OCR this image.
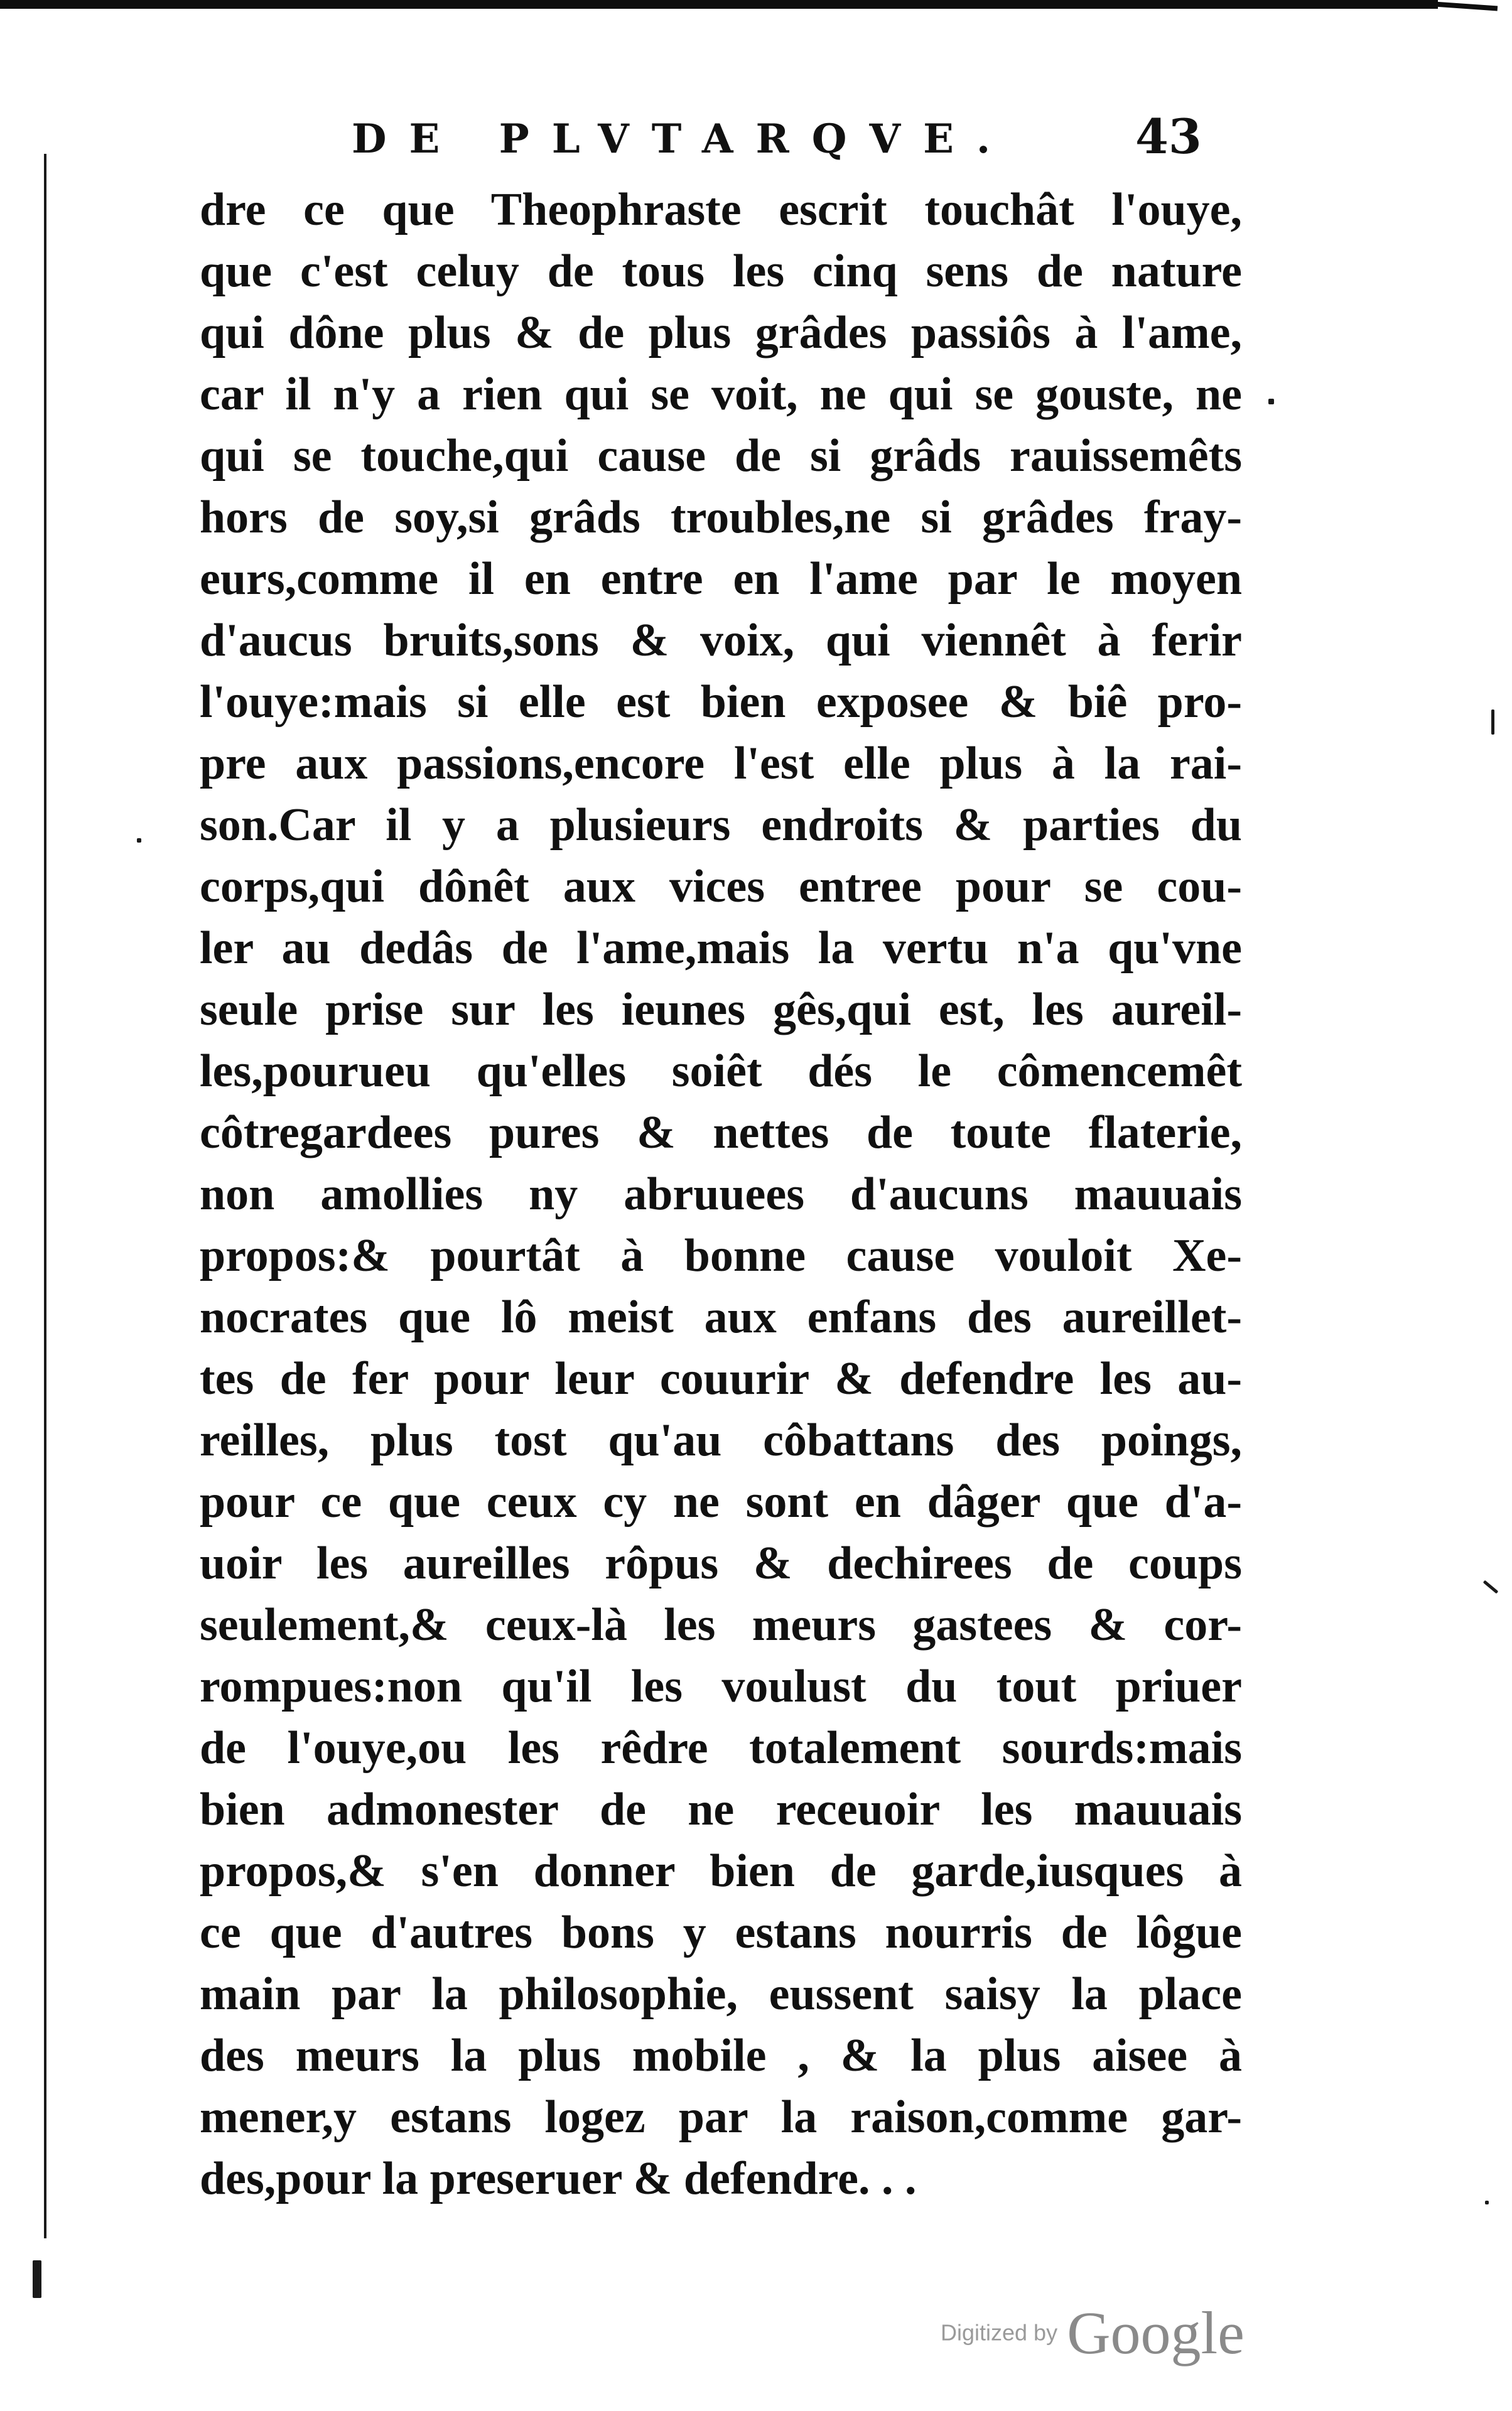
DE PLVTARQVE.	43
dre ce que Theophraste escrit touchât l'ouye,
que c'est celuy de tous les cinq sens de nature
qui dône plus & de plus grâdes passiôs à l'ame,
car il n'y a rien qui se voit, ne qui se gouste, ne
qui se touche,qui cause de si grâds rauissemêts
hors de soy,si grâds troubles,ne si grâdes fray-
eurs,comme il en entre en l'ame par le moyen
d'aucus bruits,sons & voix, qui viennêt à ferir
l'ouye:mais si elle est bien exposee & biê pro-
pre aux passions,encore l'est elle plus à la rai-
son.Car il y a plusieurs endroits & parties du
corps,qui dônêt aux vices entree pour se cou-
ler au dedâs de l'ame,mais la vertu n'a qu'vne
seule prise sur les ieunes gês,qui est, les aureil-
les,pourueu qu'elles soiêt dés le cômencemêt
côtregardees pures & nettes de toute flaterie,
non amollies ny abruuees d'aucuns mauuais
propos:& pourtât à bonne cause vouloit Xe-
nocrates que lô meist aux enfans des aureillet-
tes de fer pour leur couurir & defendre les au-
reilles, plus tost qu'au côbattans des poings,
pour ce que ceux cy ne sont en dâger que d'a-
uoir les aureilles rôpus & dechirees de coups
seulement,& ceux-là les meurs gastees & cor-
rompues:non qu'il les voulust du tout priuer
de l'ouye,ou les rêdre totalement sourds:mais
bien admonester de ne receuoir les mauuais
propos,& s'en donner bien de garde,iusques à
ce que d'autres bons y estans nourris de lôgue
main par la philosophie, eussent saisy la place
des meurs la plus mobile , & la plus aisee à
mener,y estans logez par la raison,comme gar-
des,pour la preseruer & defendre. . .
Digitized by Google
